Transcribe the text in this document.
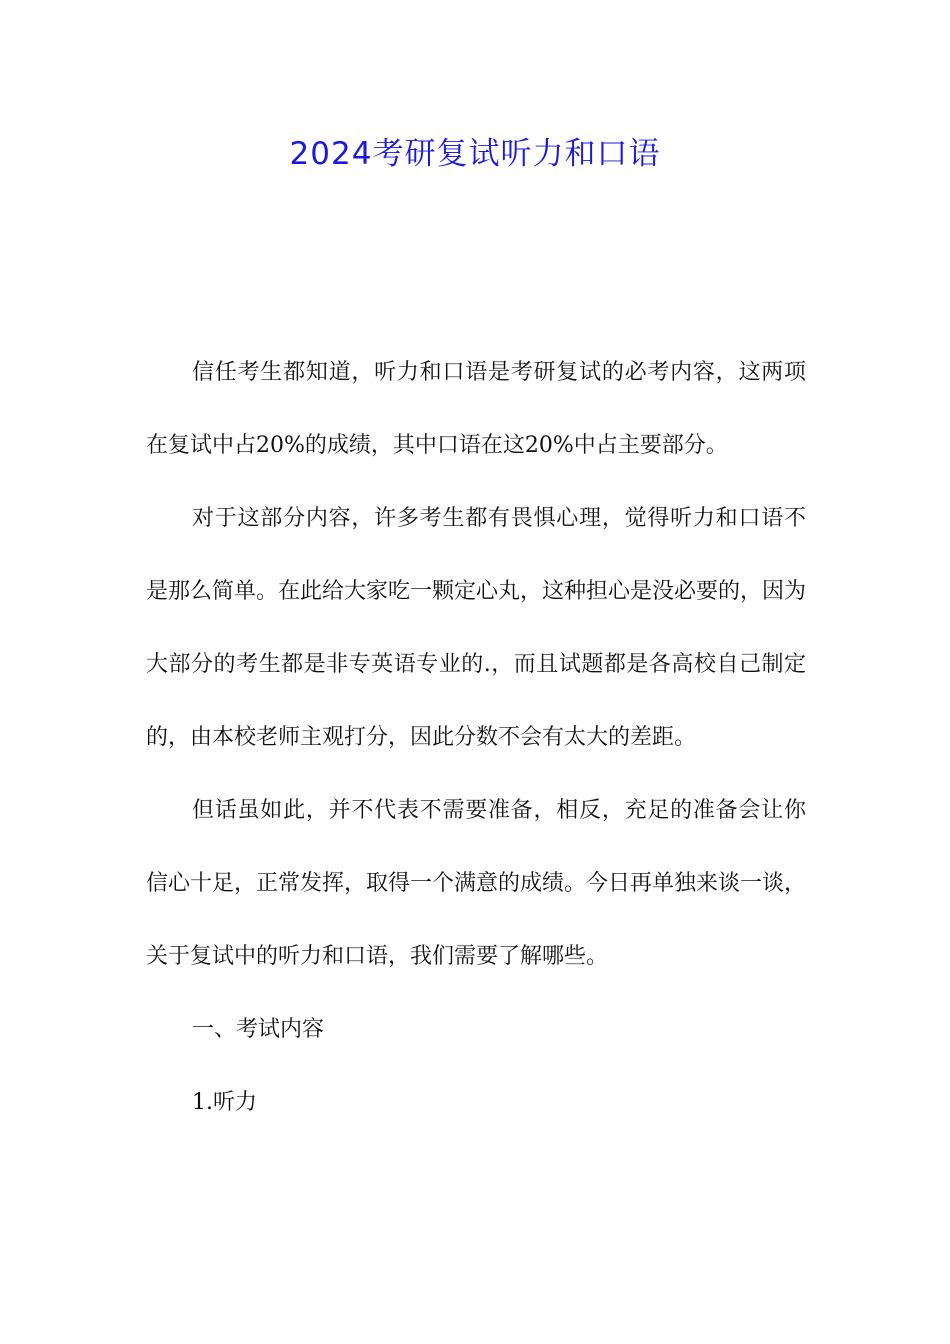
2024考研复试听力和口语

信任考生都知道，听力和口语是考研复试的必考内容，这两项在复试中占20%的成绩，其中口语在这20%中占主要部分。

对于这部分内容，许多考生都有畏惧心理，觉得听力和口语不是那么简单。在此给大家吃一颗定心丸，这种担心是没必要的，因为大部分的考生都是非专英语专业的.，而且试题都是各高校自己制定的，由本校老师主观打分，因此分数不会有太大的差距。

但话虽如此，并不代表不需要准备，相反，充足的准备会让你信心十足，正常发挥，取得一个满意的成绩。今日再单独来谈一谈，关于复试中的听力和口语，我们需要了解哪些。

一、考试内容

1.听力
